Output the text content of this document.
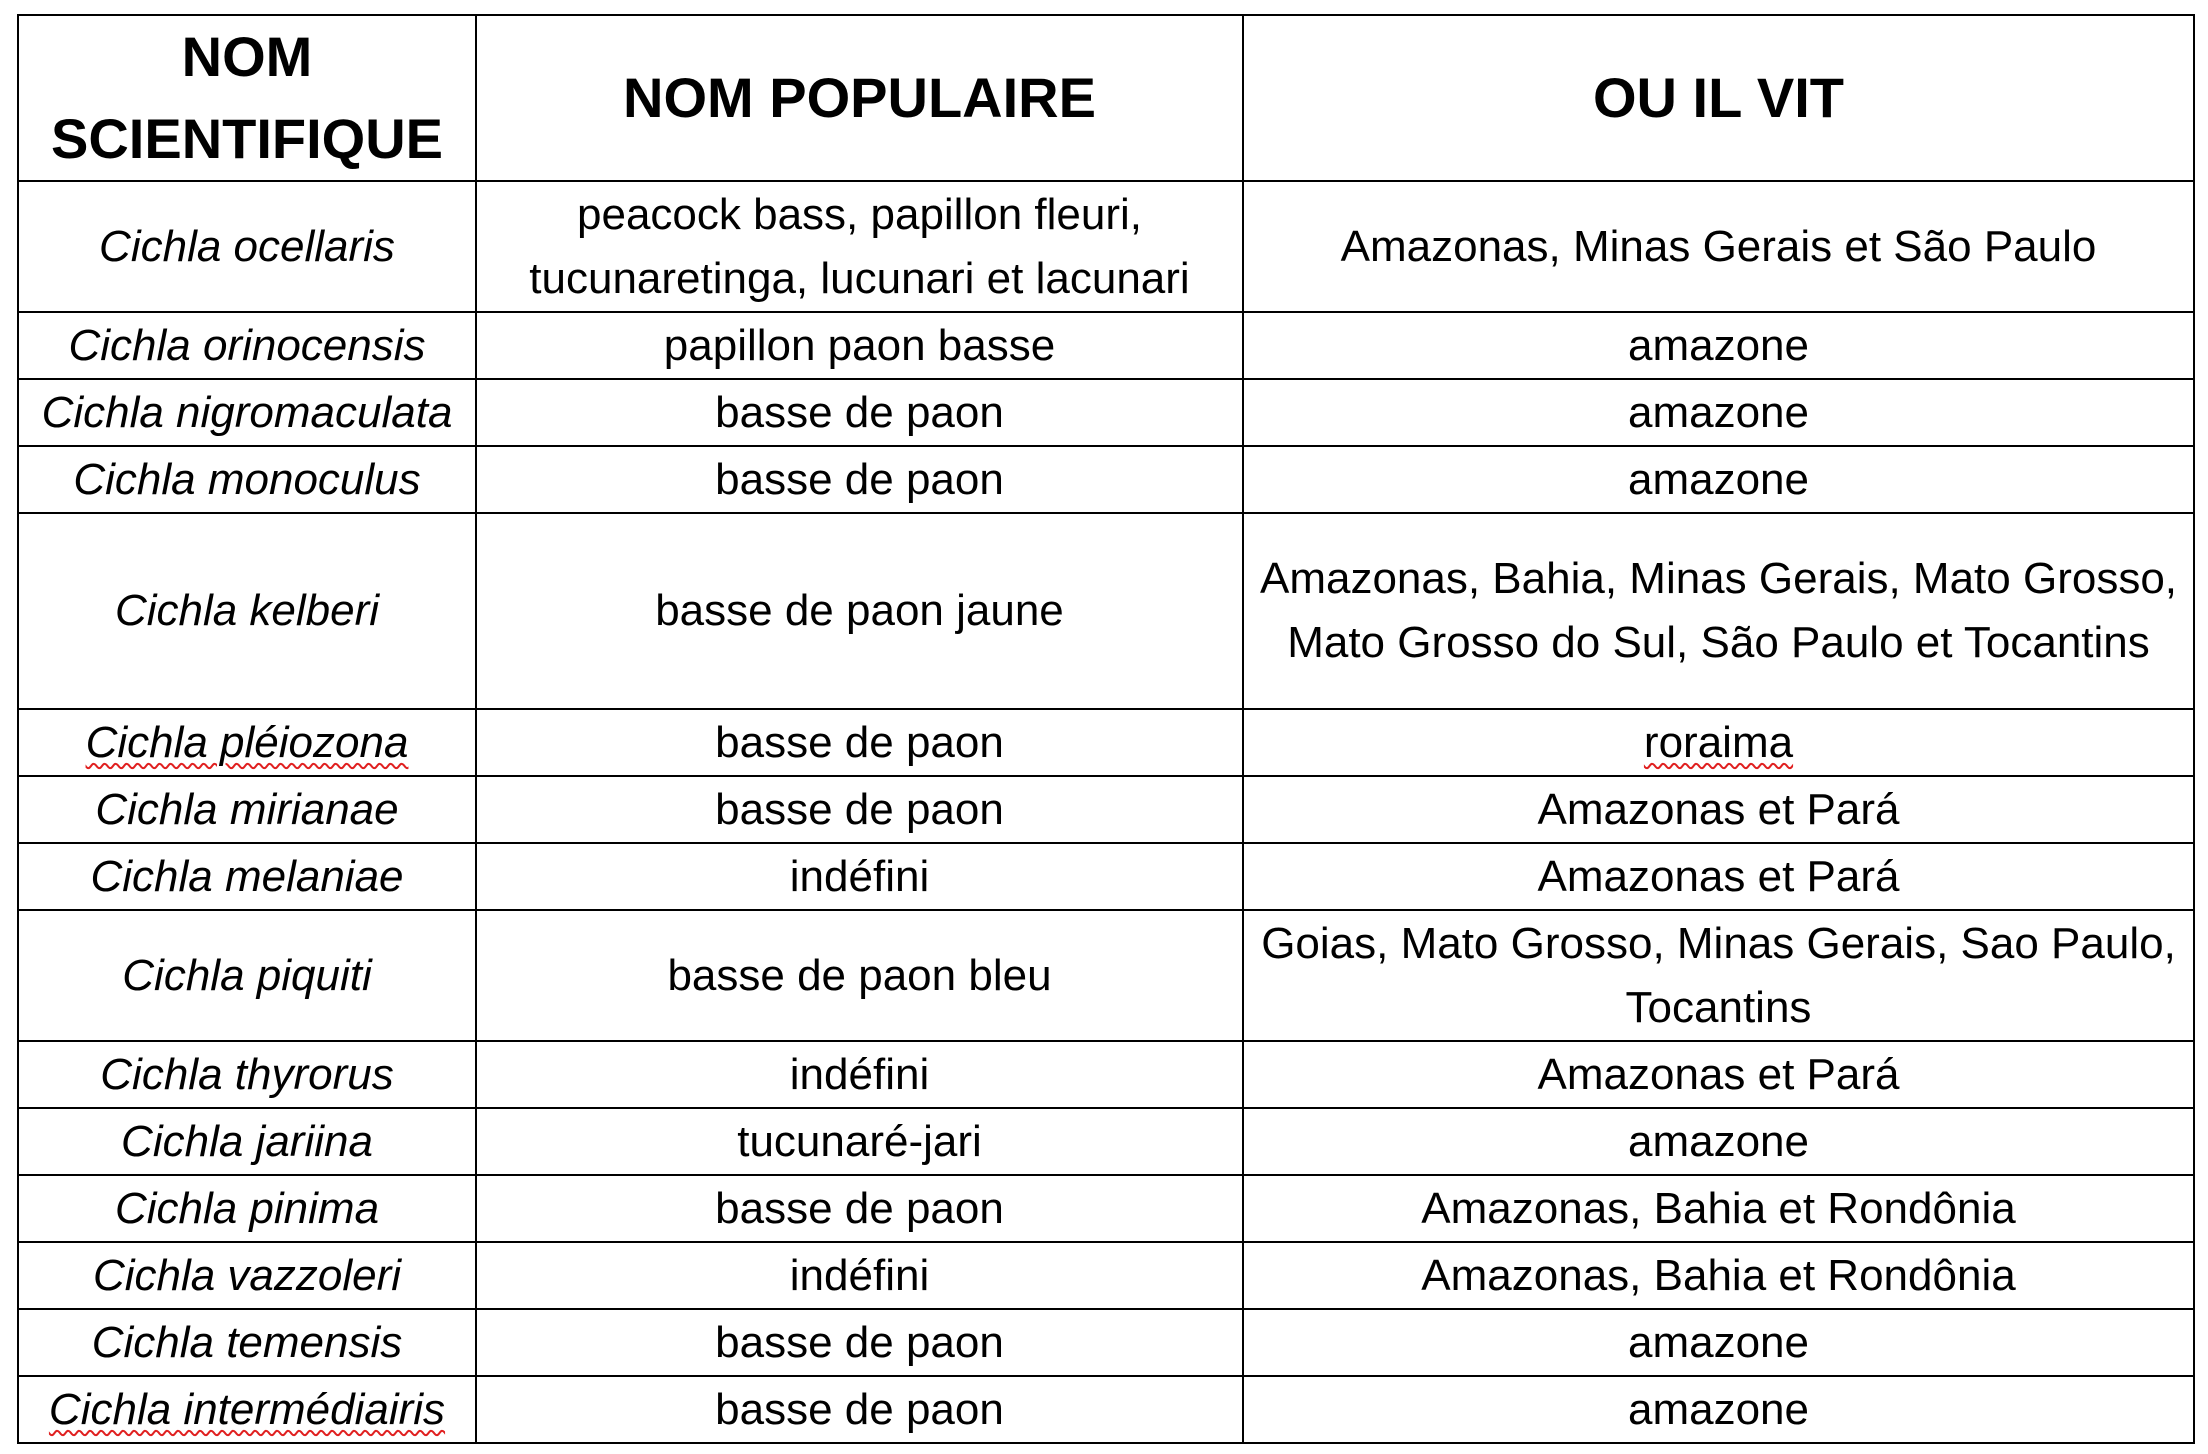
NOM SCIENTIFIQUE	NOM POPULAIRE	OU IL VIT
Cichla ocellaris	peacock bass, papillon fleuri, tucunaretinga, lucunari et lacunari	Amazonas, Minas Gerais et São Paulo
Cichla orinocensis	papillon paon basse	amazone
Cichla nigromaculata	basse de paon	amazone
Cichla monoculus	basse de paon	amazone
Cichla kelberi	basse de paon jaune	Amazonas, Bahia, Minas Gerais, Mato Grosso, Mato Grosso do Sul, São Paulo et Tocantins
Cichla pléiozona	basse de paon	roraima
Cichla mirianae	basse de paon	Amazonas et Pará
Cichla melaniae	indéfini	Amazonas et Pará
Cichla piquiti	basse de paon bleu	Goias, Mato Grosso, Minas Gerais, Sao Paulo, Tocantins
Cichla thyrorus	indéfini	Amazonas et Pará
Cichla jariina	tucunaré-jari	amazone
Cichla pinima	basse de paon	Amazonas, Bahia et Rondônia
Cichla vazzoleri	indéfini	Amazonas, Bahia et Rondônia
Cichla temensis	basse de paon	amazone
Cichla intermédiairis	basse de paon	amazone
